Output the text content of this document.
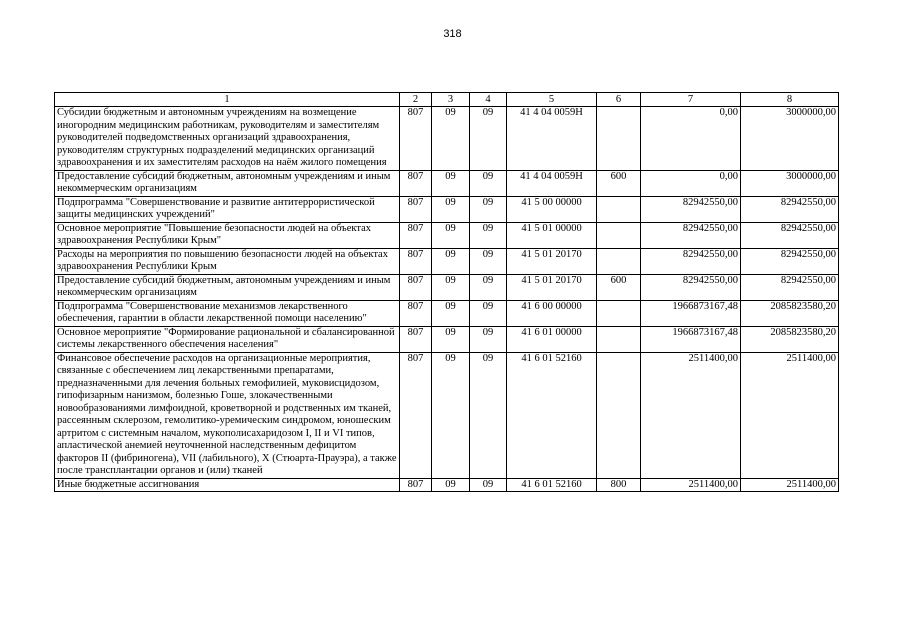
318
1	2	3	4	5	6	7	8
Субсидии бюджетным и автономным учреждениям на возмещение иногородним медицинским работникам, руководителям и заместителям руководителей подведомственных организаций здравоохранения, руководителям структурных подразделений медицинских организаций здравоохранения и их заместителям расходов на наём жилого помещения	807	09	09	41 4 04 0059Н		0,00	3000000,00
Предоставление субсидий бюджетным, автономным учреждениям и иным некоммерческим организациям	807	09	09	41 4 04 0059Н	600	0,00	3000000,00
Подпрограмма "Совершенствование и развитие антитеррористической защиты медицинских учреждений"	807	09	09	41 5 00 00000		82942550,00	82942550,00
Основное мероприятие "Повышение безопасности людей на объектах здравоохранения Республики Крым"	807	09	09	41 5 01 00000		82942550,00	82942550,00
Расходы на мероприятия по повышению безопасности людей на объектах здравоохранения Республики Крым	807	09	09	41 5 01 20170		82942550,00	82942550,00
Предоставление субсидий бюджетным, автономным учреждениям и иным некоммерческим организациям	807	09	09	41 5 01 20170	600	82942550,00	82942550,00
Подпрограмма "Совершенствование механизмов лекарственного обеспечения, гарантии в области лекарственной помощи населению"	807	09	09	41 6 00 00000		1966873167,48	2085823580,20
Основное мероприятие "Формирование рациональной и сбалансированной системы лекарственного обеспечения населения"	807	09	09	41 6 01 00000		1966873167,48	2085823580,20
Финансовое обеспечение расходов на организационные мероприятия, связанные с обеспечением лиц лекарственными препаратами, предназначенными для лечения больных гемофилией, муковисцидозом, гипофизарным нанизмом, болезнью Гоше, злокачественными новообразованиями лимфоидной, кроветворной и родственных им тканей, рассеянным склерозом, гемолитико-уремическим синдромом, юношеским артритом с системным началом, мукополисахаридозом I, II и VI типов, апластической анемией неуточненной наследственным дефицитом факторов II (фибриногена), VII (лабильного), X (Стюарта-Прауэра), а также после трансплантации органов и (или) тканей	807	09	09	41 6 01 52160		2511400,00	2511400,00
Иные бюджетные ассигнования	807	09	09	41 6 01 52160	800	2511400,00	2511400,00
